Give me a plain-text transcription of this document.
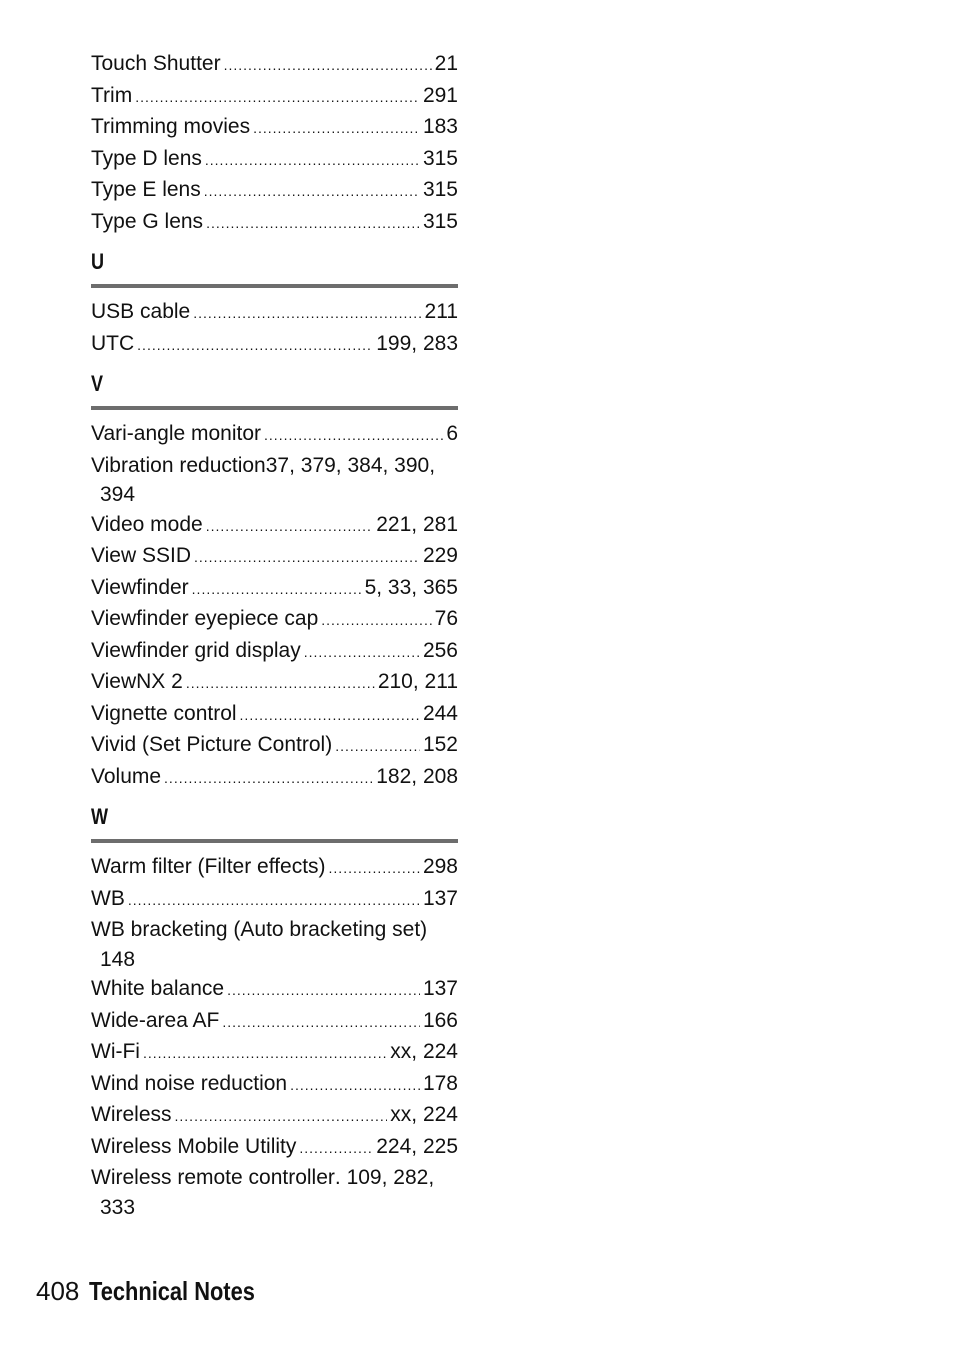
Touch Shutter .....	21
Trim .....	291
Trimming movies .....	183
Type D lens .....	315
Type E lens .....	315
Type G lens .....	315
U
USB cable .....	211
UTC .....	199, 283
V
Vari-angle monitor .....	6
Vibration reduction 37, 379, 384, 390,
394
Video mode .....	221, 281
View SSID .....	229
Viewfinder .....	5, 33, 365
Viewfinder eyepiece cap .....	76
Viewfinder grid display .....	256
ViewNX 2 .....	210, 211
Vignette control .....	244
Vivid (Set Picture Control) .....	152
Volume .....	182, 208
W
Warm filter (Filter effects) .....	298
WB .....	137
WB bracketing (Auto bracketing set)
148
White balance .....	137
Wide-area AF .....	166
Wi-Fi .....	xx, 224
Wind noise reduction .....	178
Wireless .....	xx, 224
Wireless Mobile Utility .....	224, 225
Wireless remote controller . 109, 282,
333
408 Technical Notes
